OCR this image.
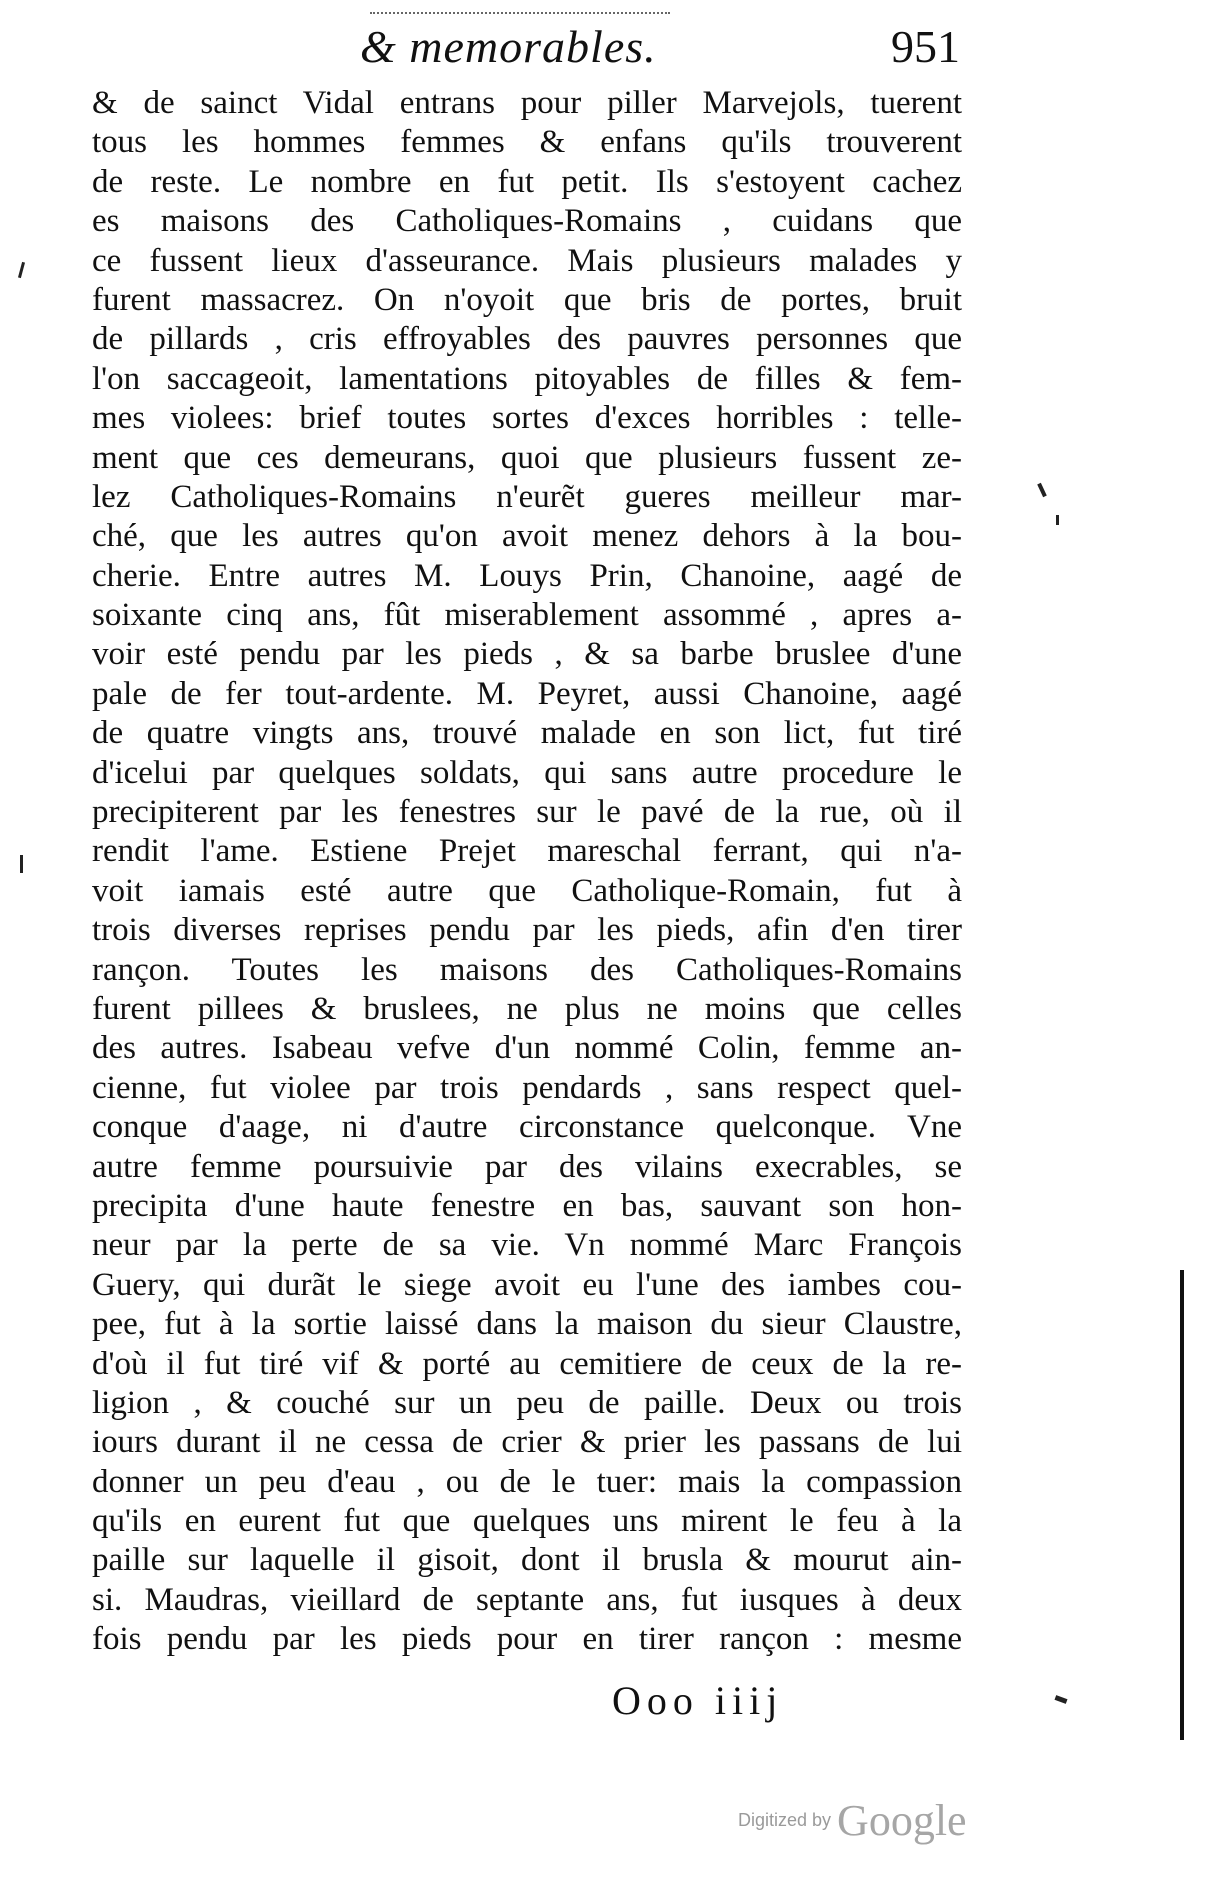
& memorables.	951
& de sainct Vidal entrans pour piller Marvejols, tuerent
tous les hommes femmes & enfans qu'ils trouverent
de reste. Le nombre en fut petit. Ils s'estoyent cachez
es maisons des Catholiques-Romains , cuidans que
ce fussent lieux d'asseurance. Mais plusieurs malades y
furent massacrez. On n'oyoit que bris de portes, bruit
de pillards , cris effroyables des pauvres personnes que
l'on saccageoit, lamentations pitoyables de filles & fem-
mes violees: brief toutes sortes d'exces horribles : telle-
ment que ces demeurans, quoi que plusieurs fussent ze-
lez Catholiques-Romains n'eurẽt gueres meilleur mar-
ché, que les autres qu'on avoit menez dehors à la bou-
cherie. Entre autres M. Louys Prin, Chanoine, aagé de
soixante cinq ans, fût miserablement assommé , apres a-
voir esté pendu par les pieds , & sa barbe bruslee d'une
pale de fer tout-ardente. M. Peyret, aussi Chanoine, aagé
de quatre vingts ans, trouvé malade en son lict, fut tiré
d'icelui par quelques soldats, qui sans autre procedure le
precipiterent par les fenestres sur le pavé de la rue, où il
rendit l'ame. Estiene Prejet mareschal ferrant, qui n'a-
voit iamais esté autre que Catholique-Romain, fut à
trois diverses reprises pendu par les pieds, afin d'en tirer
rançon. Toutes les maisons des Catholiques-Romains
furent pillees & bruslees, ne plus ne moins que celles
des autres. Isabeau vefve d'un nommé Colin, femme an-
cienne, fut violee par trois pendards , sans respect quel-
conque d'aage, ni d'autre circonstance quelconque. Vne
autre femme poursuivie par des vilains execrables, se
precipita d'une haute fenestre en bas, sauvant son hon-
neur par la perte de sa vie. Vn nommé Marc François
Guery, qui durãt le siege avoit eu l'une des iambes cou-
pee, fut à la sortie laissé dans la maison du sieur Claustre,
d'où il fut tiré vif & porté au cemitiere de ceux de la re-
ligion , & couché sur un peu de paille. Deux ou trois
iours durant il ne cessa de crier & prier les passans de lui
donner un peu d'eau , ou de le tuer: mais la compassion
qu'ils en eurent fut que quelques uns mirent le feu à la
paille sur laquelle il gisoit, dont il brusla & mourut ain-
si. Maudras, vieillard de septante ans, fut iusques à deux
fois pendu par les pieds pour en tirer rançon : mesme
Ooo iiij
Digitized by Google
